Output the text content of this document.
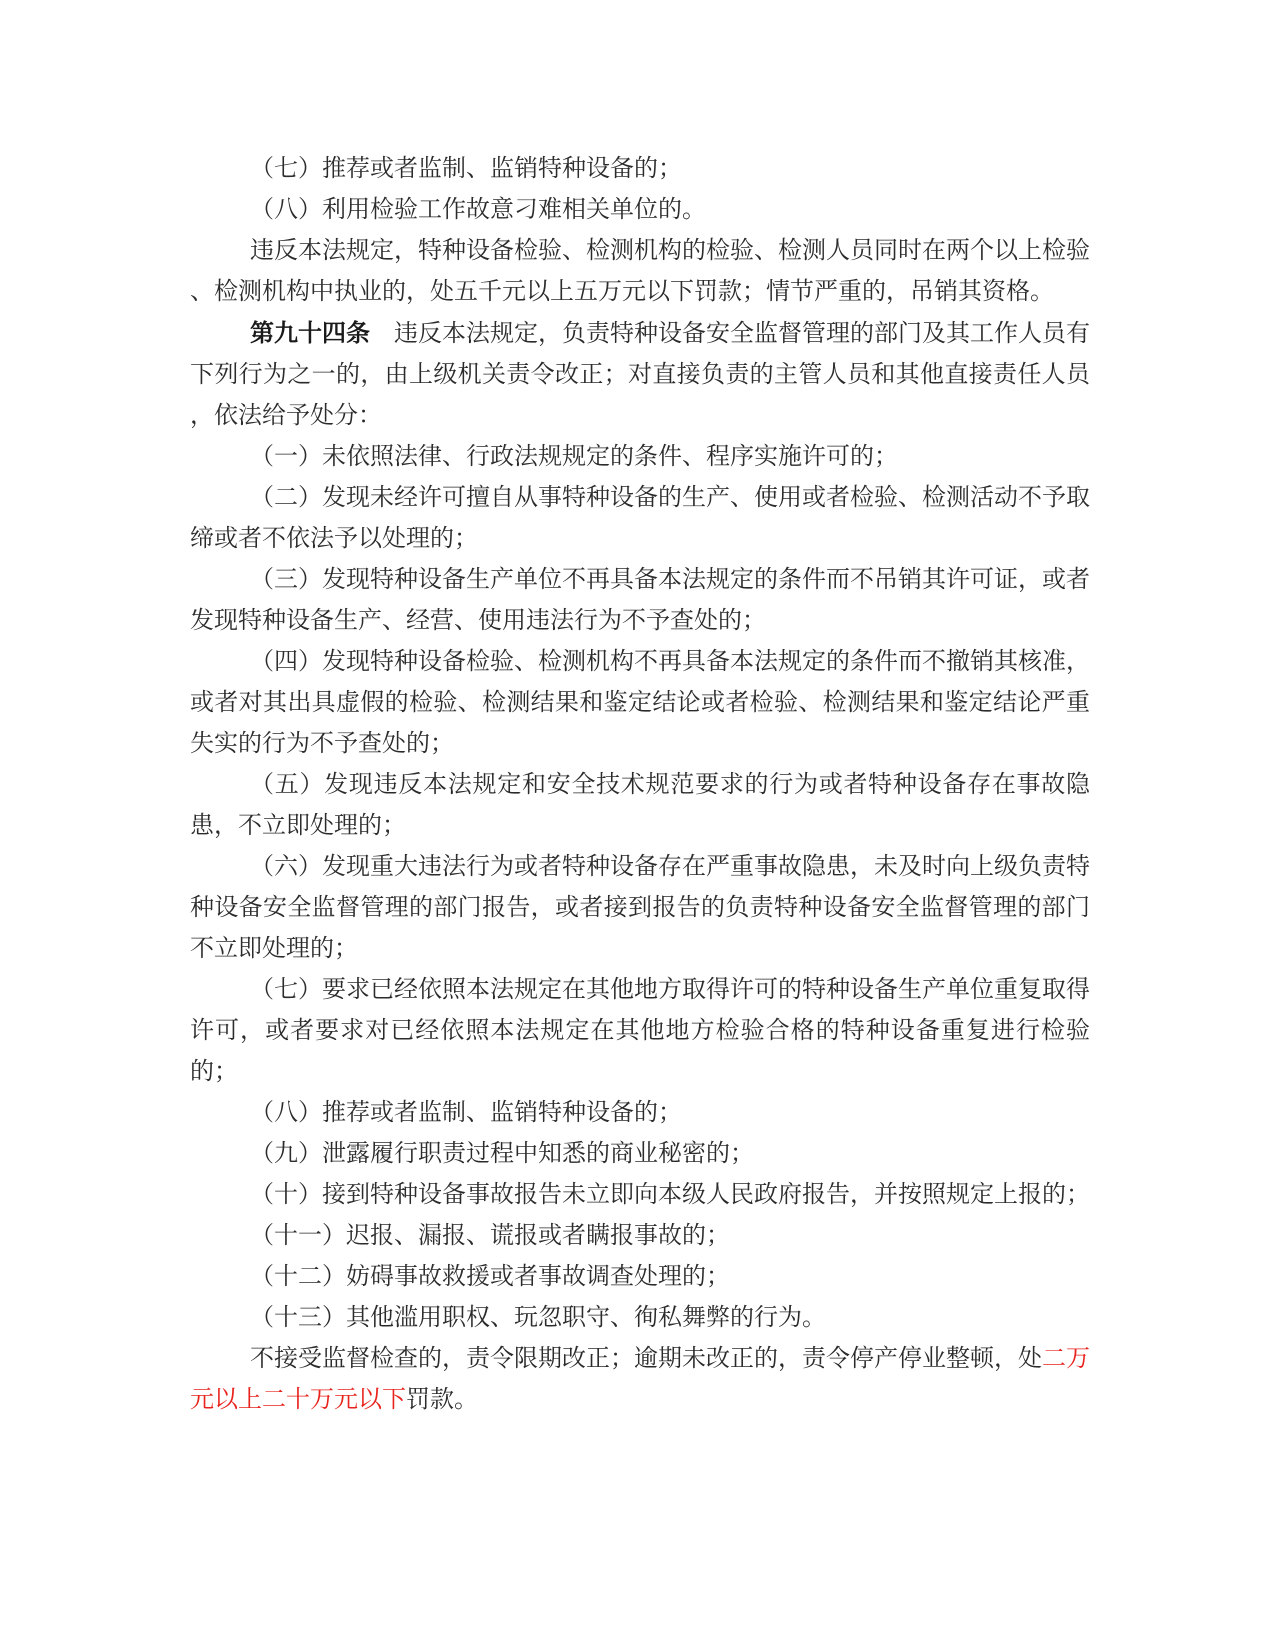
（七）推荐或者监制、监销特种设备的；

（八）利用检验工作故意刁难相关单位的。

违反本法规定，特种设备检验、检测机构的检验、检测人员同时在两个以上检验、检测机构中执业的，处五千元以上五万元以下罚款；情节严重的，吊销其资格。

第九十四条 违反本法规定，负责特种设备安全监督管理的部门及其工作人员有下列行为之一的，由上级机关责令改正；对直接负责的主管人员和其他直接责任人员，依法给予处分：

（一）未依照法律、行政法规规定的条件、程序实施许可的；

（二）发现未经许可擅自从事特种设备的生产、使用或者检验、检测活动不予取缔或者不依法予以处理的；

（三）发现特种设备生产单位不再具备本法规定的条件而不吊销其许可证，或者发现特种设备生产、经营、使用违法行为不予查处的；

（四）发现特种设备检验、检测机构不再具备本法规定的条件而不撤销其核准，或者对其出具虚假的检验、检测结果和鉴定结论或者检验、检测结果和鉴定结论严重失实的行为不予查处的；

（五）发现违反本法规定和安全技术规范要求的行为或者特种设备存在事故隐患，不立即处理的；

（六）发现重大违法行为或者特种设备存在严重事故隐患，未及时向上级负责特种设备安全监督管理的部门报告，或者接到报告的负责特种设备安全监督管理的部门不立即处理的；

（七）要求已经依照本法规定在其他地方取得许可的特种设备生产单位重复取得许可，或者要求对已经依照本法规定在其他地方检验合格的特种设备重复进行检验的；

（八）推荐或者监制、监销特种设备的；

（九）泄露履行职责过程中知悉的商业秘密的；

（十）接到特种设备事故报告未立即向本级人民政府报告，并按照规定上报的；

（十一）迟报、漏报、谎报或者瞒报事故的；

（十二）妨碍事故救援或者事故调查处理的；

（十三）其他滥用职权、玩忽职守、徇私舞弊的行为。

不接受监督检查的，责令限期改正；逾期未改正的，责令停产停业整顿，处二万元以上二十万元以下罚款。
